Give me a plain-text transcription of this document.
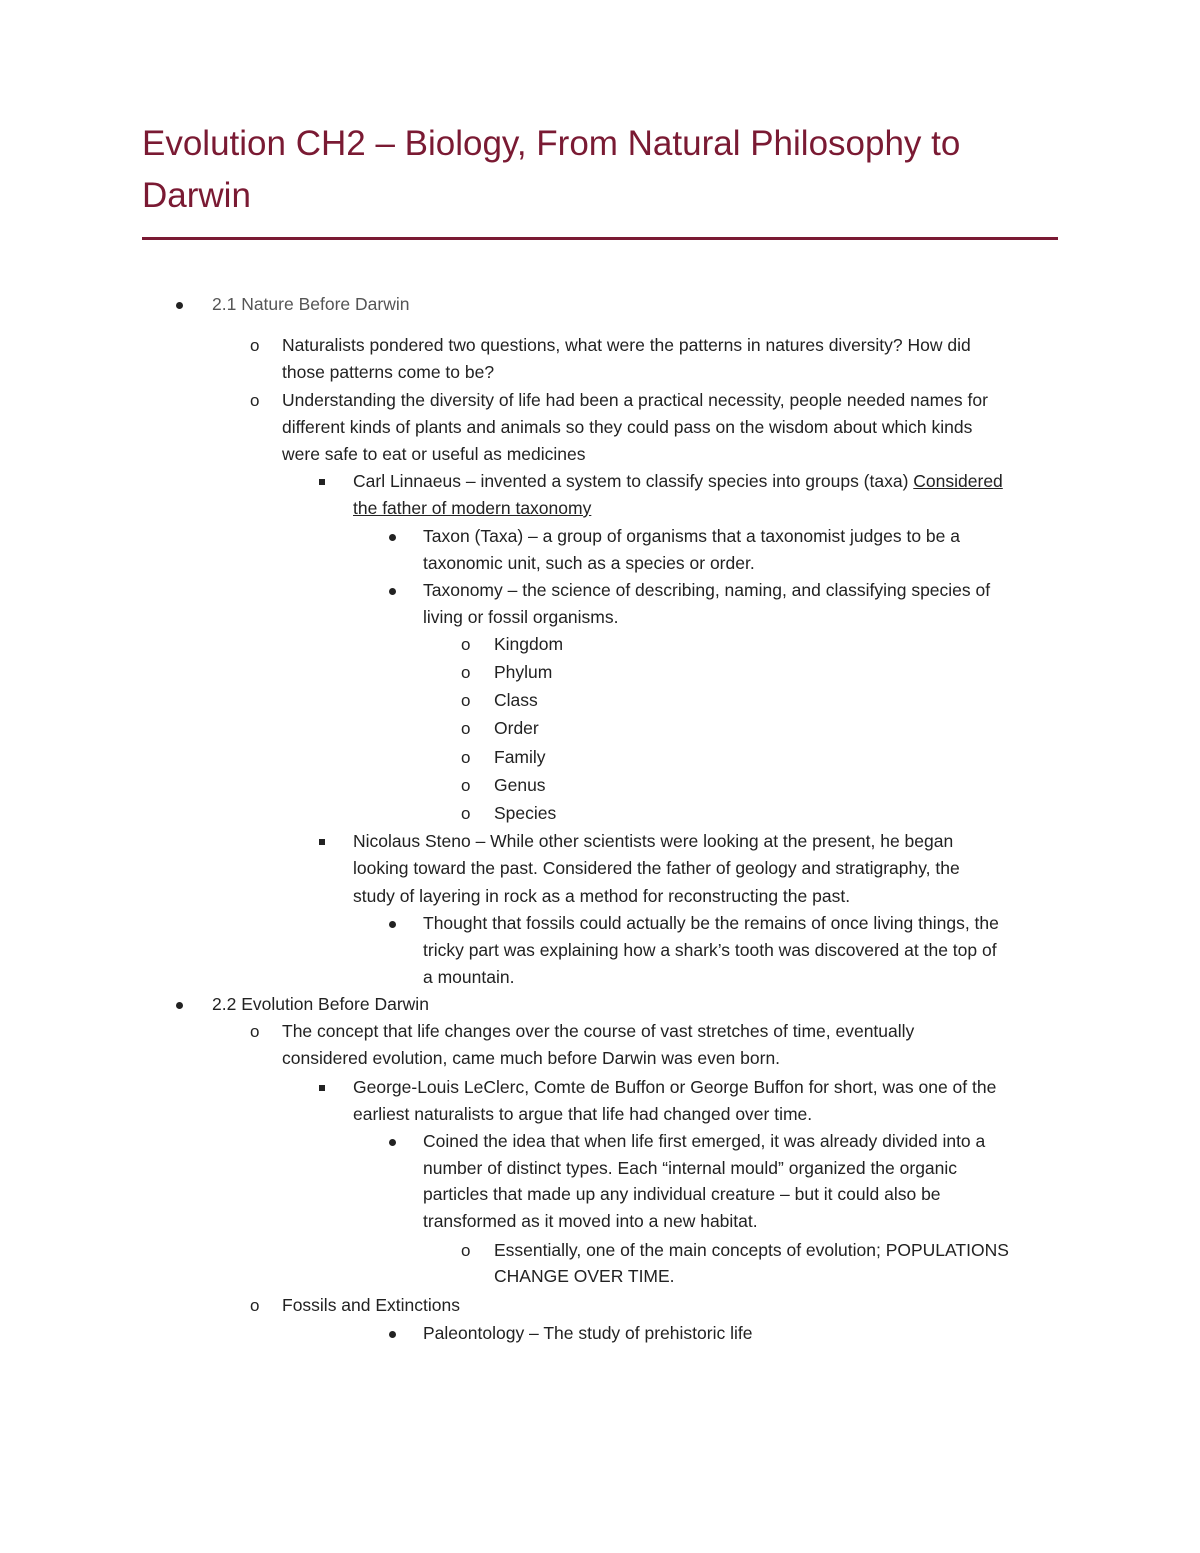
Evolution CH2 – Biology, From Natural Philosophy to
Darwin
2.1 Nature Before Darwin
o Naturalists pondered two questions, what were the patterns in natures diversity? How did
those patterns come to be?
o Understanding the diversity of life had been a practical necessity, people needed names for
different kinds of plants and animals so they could pass on the wisdom about which kinds
were safe to eat or useful as medicines
Carl Linnaeus – invented a system to classify species into groups (taxa) Considered
the father of modern taxonomy
Taxon (Taxa) – a group of organisms that a taxonomist judges to be a
taxonomic unit, such as a species or order.
Taxonomy – the science of describing, naming, and classifying species of
living or fossil organisms.
o Kingdom
o Phylum
o Class
o Order
o Family
o Genus
o Species
Nicolaus Steno – While other scientists were looking at the present, he began
looking toward the past. Considered the father of geology and stratigraphy, the
study of layering in rock as a method for reconstructing the past.
Thought that fossils could actually be the remains of once living things, the
tricky part was explaining how a shark’s tooth was discovered at the top of
a mountain.
2.2 Evolution Before Darwin
o The concept that life changes over the course of vast stretches of time, eventually
considered evolution, came much before Darwin was even born.
George-Louis LeClerc, Comte de Buffon or George Buffon for short, was one of the
earliest naturalists to argue that life had changed over time.
Coined the idea that when life first emerged, it was already divided into a
number of distinct types. Each “internal mould” organized the organic
particles that made up any individual creature – but it could also be
transformed as it moved into a new habitat.
o Essentially, one of the main concepts of evolution; POPULATIONS
CHANGE OVER TIME.
o Fossils and Extinctions
Paleontology – The study of prehistoric life
